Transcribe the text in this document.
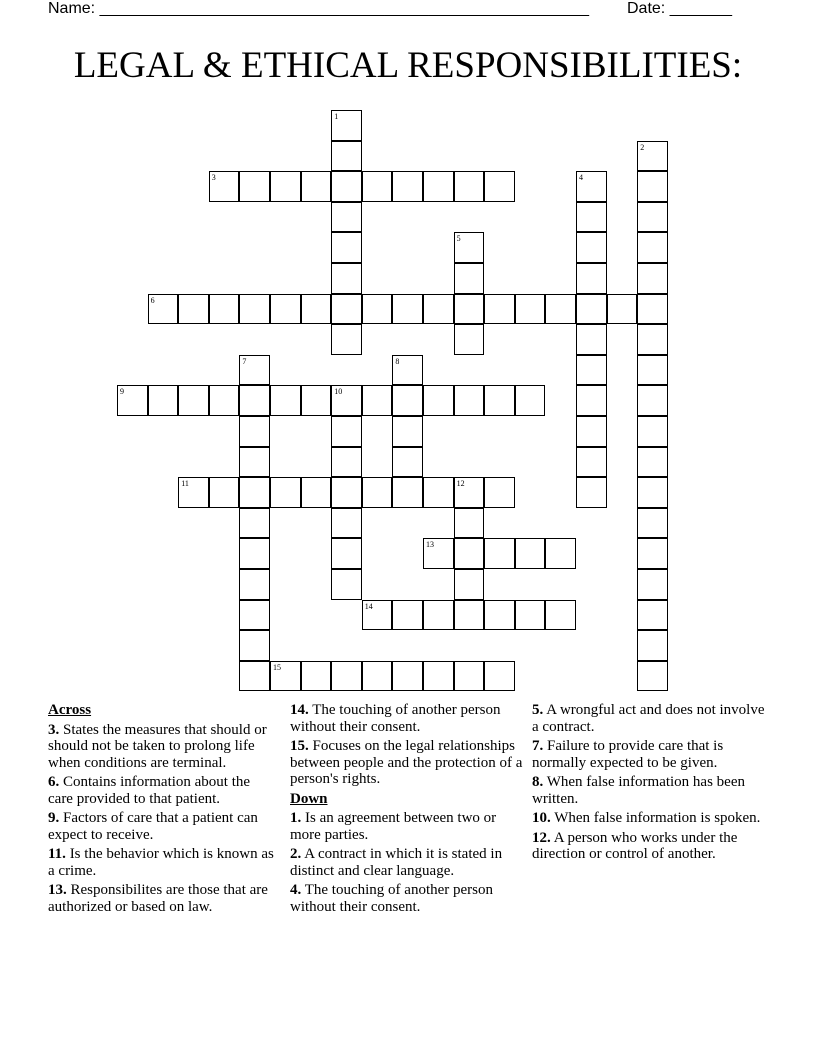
Name: _______________________________________________________ Date: _______
LEGAL & ETHICAL RESPONSIBILITIES:
1
2
3	4
5
6
7	8
9	10
11	12
13
14
15
Across
3. States the measures that should or should not be taken to prolong life when conditions are terminal.
6. Contains information about the care provided to that patient.
9. Factors of care that a patient can expect to receive.
11. Is the behavior which is known as a crime.
13. Responsibilites are those that are authorized or based on law.
14. The touching of another person without their consent.
15. Focuses on the legal relationships between people and the protection of a person's rights.
Down
1. Is an agreement between two or more parties.
2. A contract in which it is stated in distinct and clear language.
4. The touching of another person without their consent.
5. A wrongful act and does not involve a contract.
7. Failure to provide care that is normally expected to be given.
8. When false information has been written.
10. When false information is spoken.
12. A person who works under the direction or control of another.
